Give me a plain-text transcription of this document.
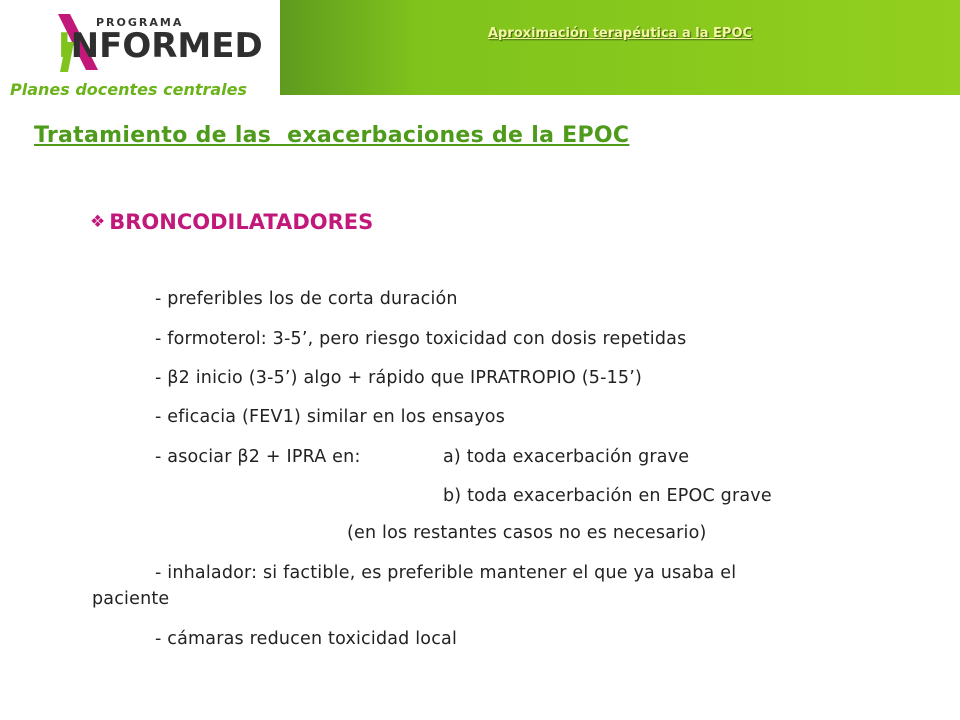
PROGRAMA
INFORMED
Planes docentes centrales
Aproximación terapéutica a la EPOC
Tratamiento de las  exacerbaciones de la EPOC
❖ BRONCODILATADORES
- preferibles los de corta duración
- formoterol: 3-5’, pero riesgo toxicidad con dosis repetidas
- β2 inicio (3-5’) algo + rápido que IPRATROPIO (5-15’)
- eficacia (FEV1) similar en los ensayos
- asociar β2 + IPRA en:	a) toda exacerbación grave
b) toda exacerbación en EPOC grave
(en los restantes casos no es necesario)
- inhalador: si factible, es preferible mantener el que ya usaba el
paciente
- cámaras reducen toxicidad local
